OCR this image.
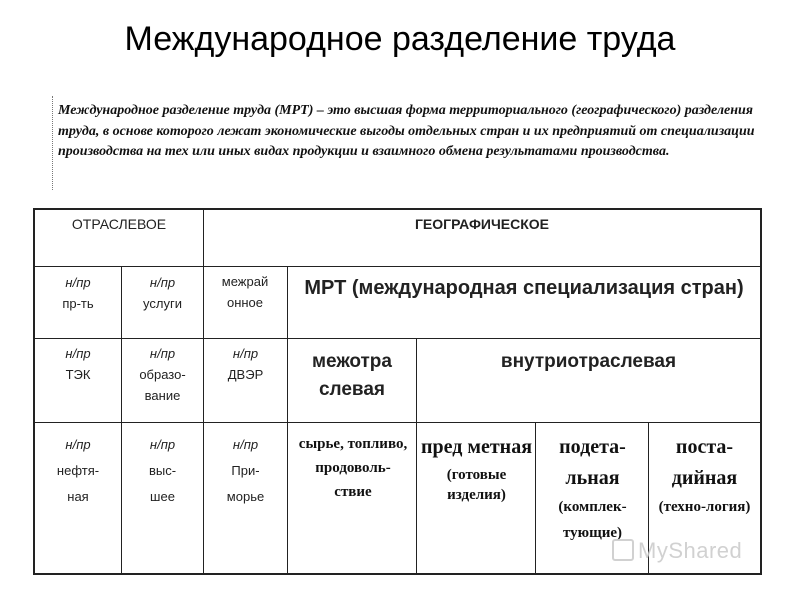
Международное разделение труда
Международное разделение труда (МРТ) – это высшая форма территориального (географического) разделения труда, в основе которого лежат экономические выгоды отдельных стран и их предприятий от специализации производства на тех или иных видах продукции и взаимного обмена результатами производства.
ОТРАСЛЕВОЕ	ГЕОГРАФИЧЕСКОЕ
н/пр
пр-ть
н/пр
услуги
межрай онное
МРТ (международная специализация стран)
н/пр
ТЭК
н/пр
образо-вание
н/пр
ДВЭР
межотра слевая
внутриотраслевая
н/пр
нефтя-
ная
н/пр
выс-
шее
н/пр
При-
морье
сырье, топливо, продоволь-ствие
пред метная
(готовые изделия)
подета-льная
(комплек-тующие)
поста-дийная
(техно-логия)
MyShared
